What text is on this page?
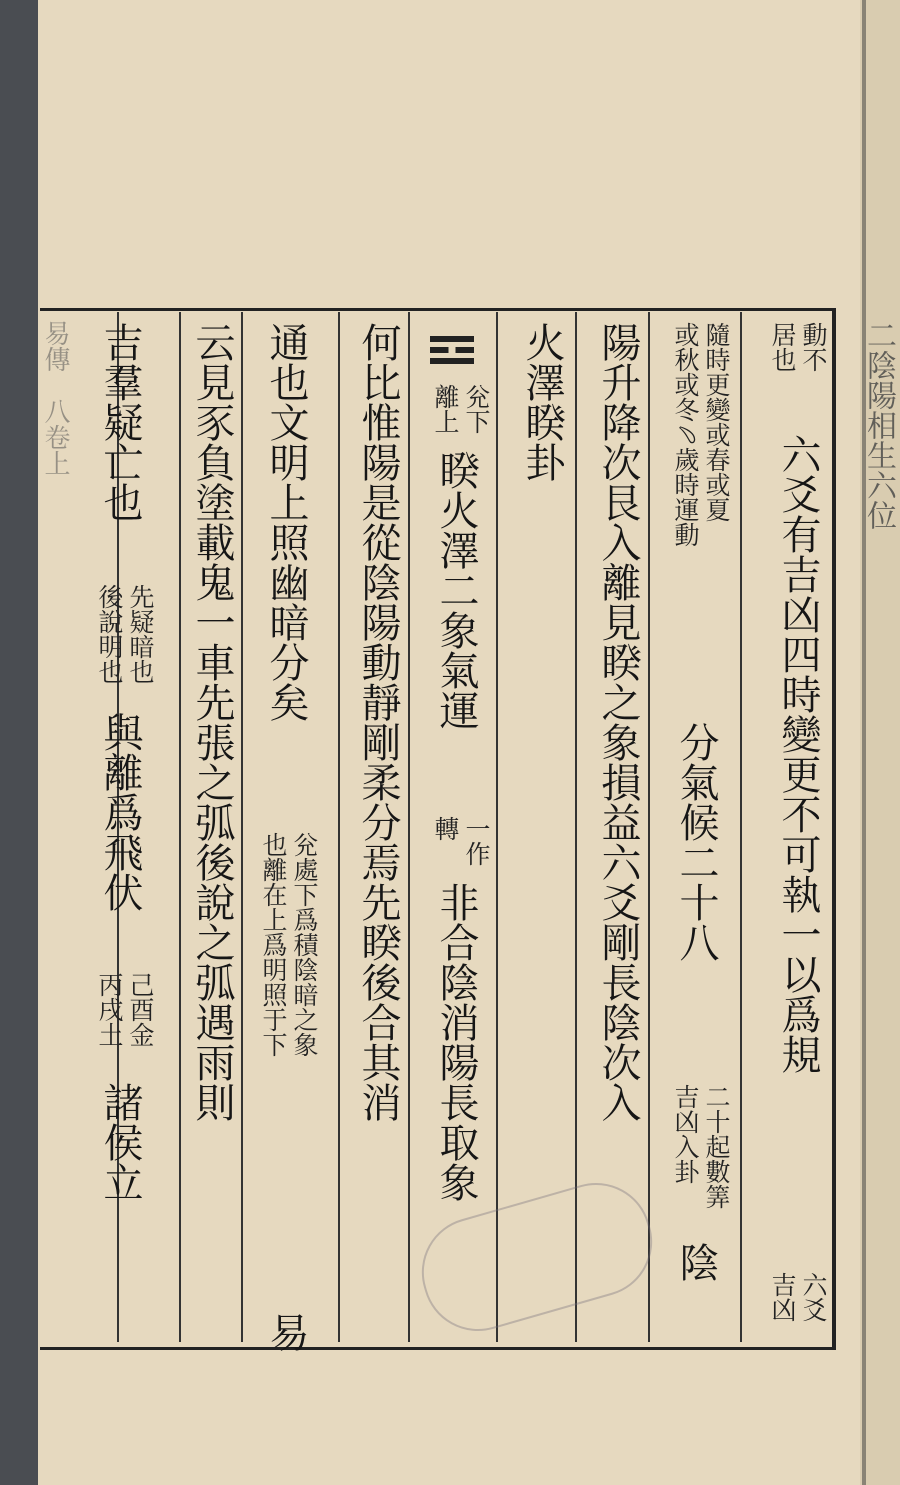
易傳　八卷上	二陰陽相生六位
動不
居也
六爻有吉凶四時變更不可執一以爲規
六爻
吉凶
隨時更變或春或夏
或秋或冬﹆歲時運動
分氣候二十八
二十起數筭
吉凶入卦
陰
陽升降次艮入離見睽之象損益六爻剛長陰次入
火澤睽卦
兊下
離上
睽火澤二象氣運
一作
轉
非合陰消陽長取象
何比惟陽是從陰陽動靜剛柔分焉先睽後合其消
通也文明上照幽暗分矣
兊處下爲積陰暗之象
也離在上爲明照于下
易
云見豕負塗載鬼一車先張之弧後說之弧遇雨則
吉羣疑亡也
先疑暗也
後說明也
與離爲飛伏
己酉金
丙戌土
諸侯立
